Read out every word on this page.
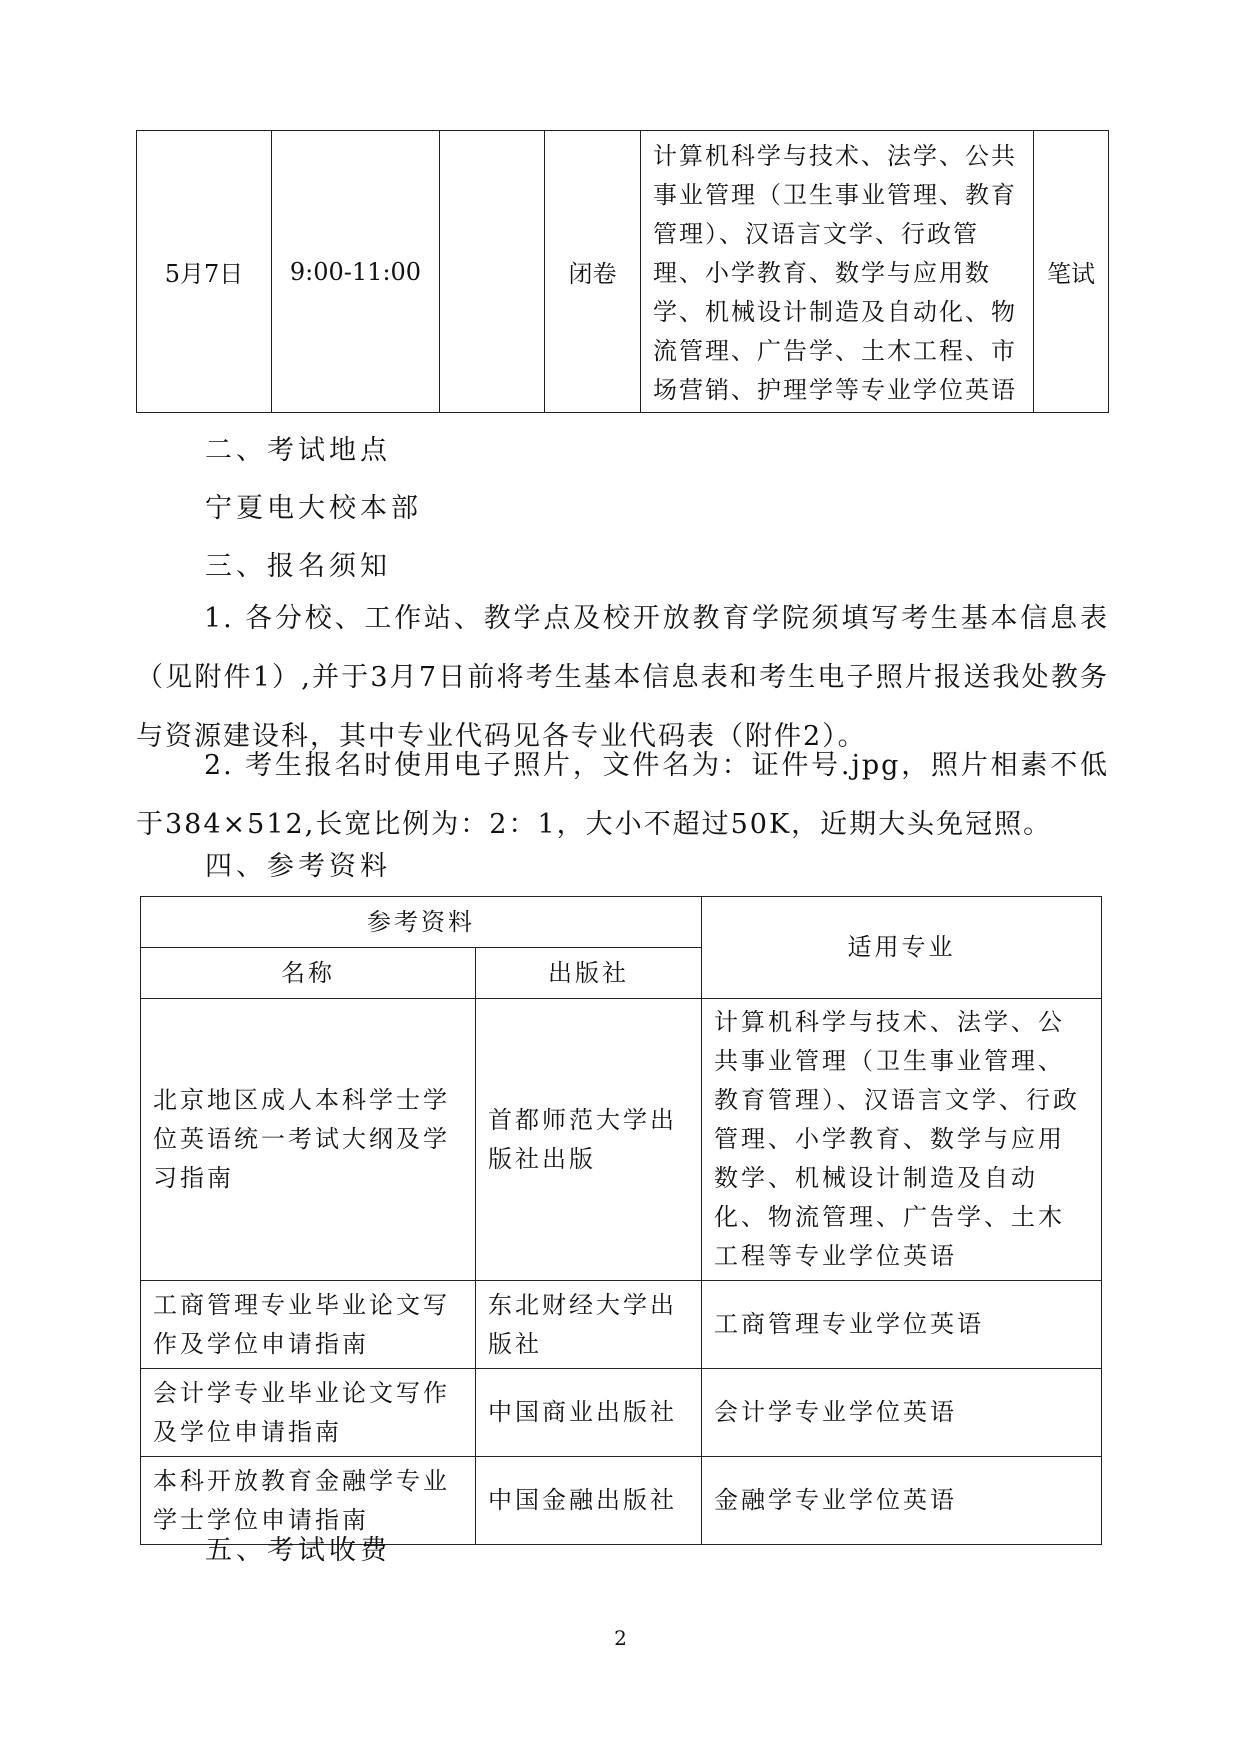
5月7日	9:00-11:00		闭卷	计算机科学与技术、法学、公共事业管理（卫生事业管理、教育管理）、汉语言文学、行政管理、小学教育、数学与应用数学、机械设计制造及自动化、物流管理、广告学、土木工程、市场营销、护理学等专业学位英语	笔试
二、考试地点
宁夏电大校本部
三、报名须知
1. 各分校、工作站、教学点及校开放教育学院须填写考生基本信息表（见附件1）,并于3月7日前将考生基本信息表和考生电子照片报送我处教务与资源建设科，其中专业代码见各专业代码表（附件2）。
2. 考生报名时使用电子照片，文件名为：证件号.jpg，照片相素不低于384×512,长宽比例为：2：1，大小不超过50K，近期大头免冠照。
四、参考资料
参考资料		适用专业
名称	出版社	
北京地区成人本科学士学位英语统一考试大纲及学习指南	首都师范大学出版社出版	计算机科学与技术、法学、公共事业管理（卫生事业管理、教育管理）、汉语言文学、行政管理、小学教育、数学与应用数学、机械设计制造及自动化、物流管理、广告学、土木工程等专业学位英语
工商管理专业毕业论文写作及学位申请指南	东北财经大学出版社	工商管理专业学位英语
会计学专业毕业论文写作及学位申请指南	中国商业出版社	会计学专业学位英语
本科开放教育金融学专业学士学位申请指南	中国金融出版社	金融学专业学位英语
五、考试收费
2
